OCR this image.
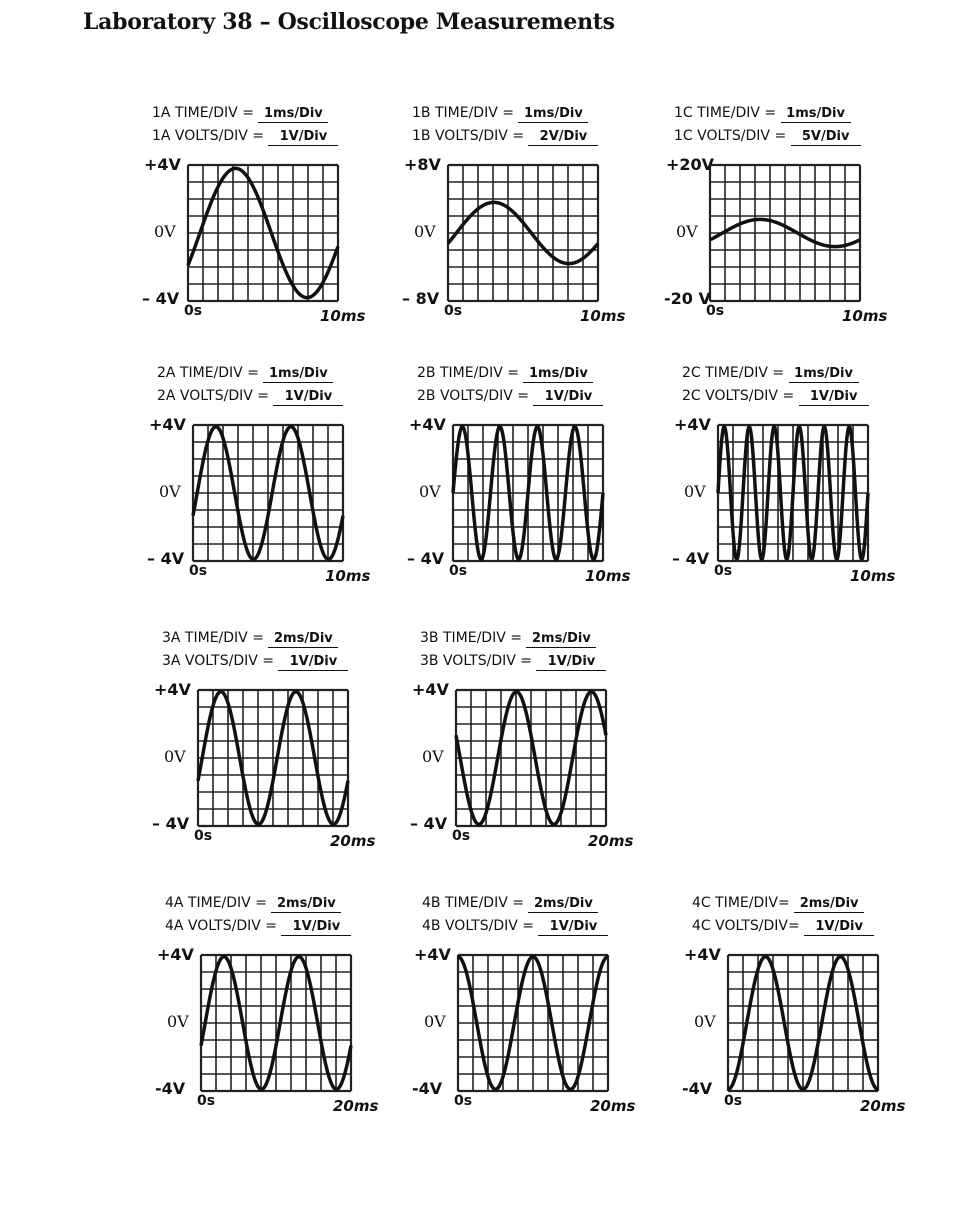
Laboratory 38 – Oscilloscope Measurements
1A TIME/DIV = 1ms/Div
1A VOLTS/DIV = 1V/Div
+4V
0V
– 4V
0s	10ms
1B TIME/DIV = 1ms/Div
1B VOLTS/DIV = 2V/Div
+8V
0V
– 8V
0s	10ms
1C TIME/DIV = 1ms/Div
1C VOLTS/DIV = 5V/Div
+20V
0V
-20 V
0s	10ms
2A TIME/DIV = 1ms/Div
2A VOLTS/DIV = 1V/Div
+4V
0V
– 4V
0s	10ms
2B TIME/DIV = 1ms/Div
2B VOLTS/DIV = 1V/Div
+4V
0V
– 4V
0s	10ms
2C TIME/DIV = 1ms/Div
2C VOLTS/DIV = 1V/Div
+4V
0V
– 4V
0s	10ms
3A TIME/DIV = 2ms/Div
3A VOLTS/DIV = 1V/Div
+4V
0V
– 4V
0s	20ms
3B TIME/DIV = 2ms/Div
3B VOLTS/DIV = 1V/Div
+4V
0V
– 4V
0s	20ms
4A TIME/DIV = 2ms/Div
4A VOLTS/DIV = 1V/Div
+4V
0V
-4V
0s	20ms
4B TIME/DIV = 2ms/Div
4B VOLTS/DIV = 1V/Div
+4V
0V
-4V
0s	20ms
4C TIME/DIV= 2ms/Div
4C VOLTS/DIV= 1V/Div
+4V
0V
-4V
0s	20ms
